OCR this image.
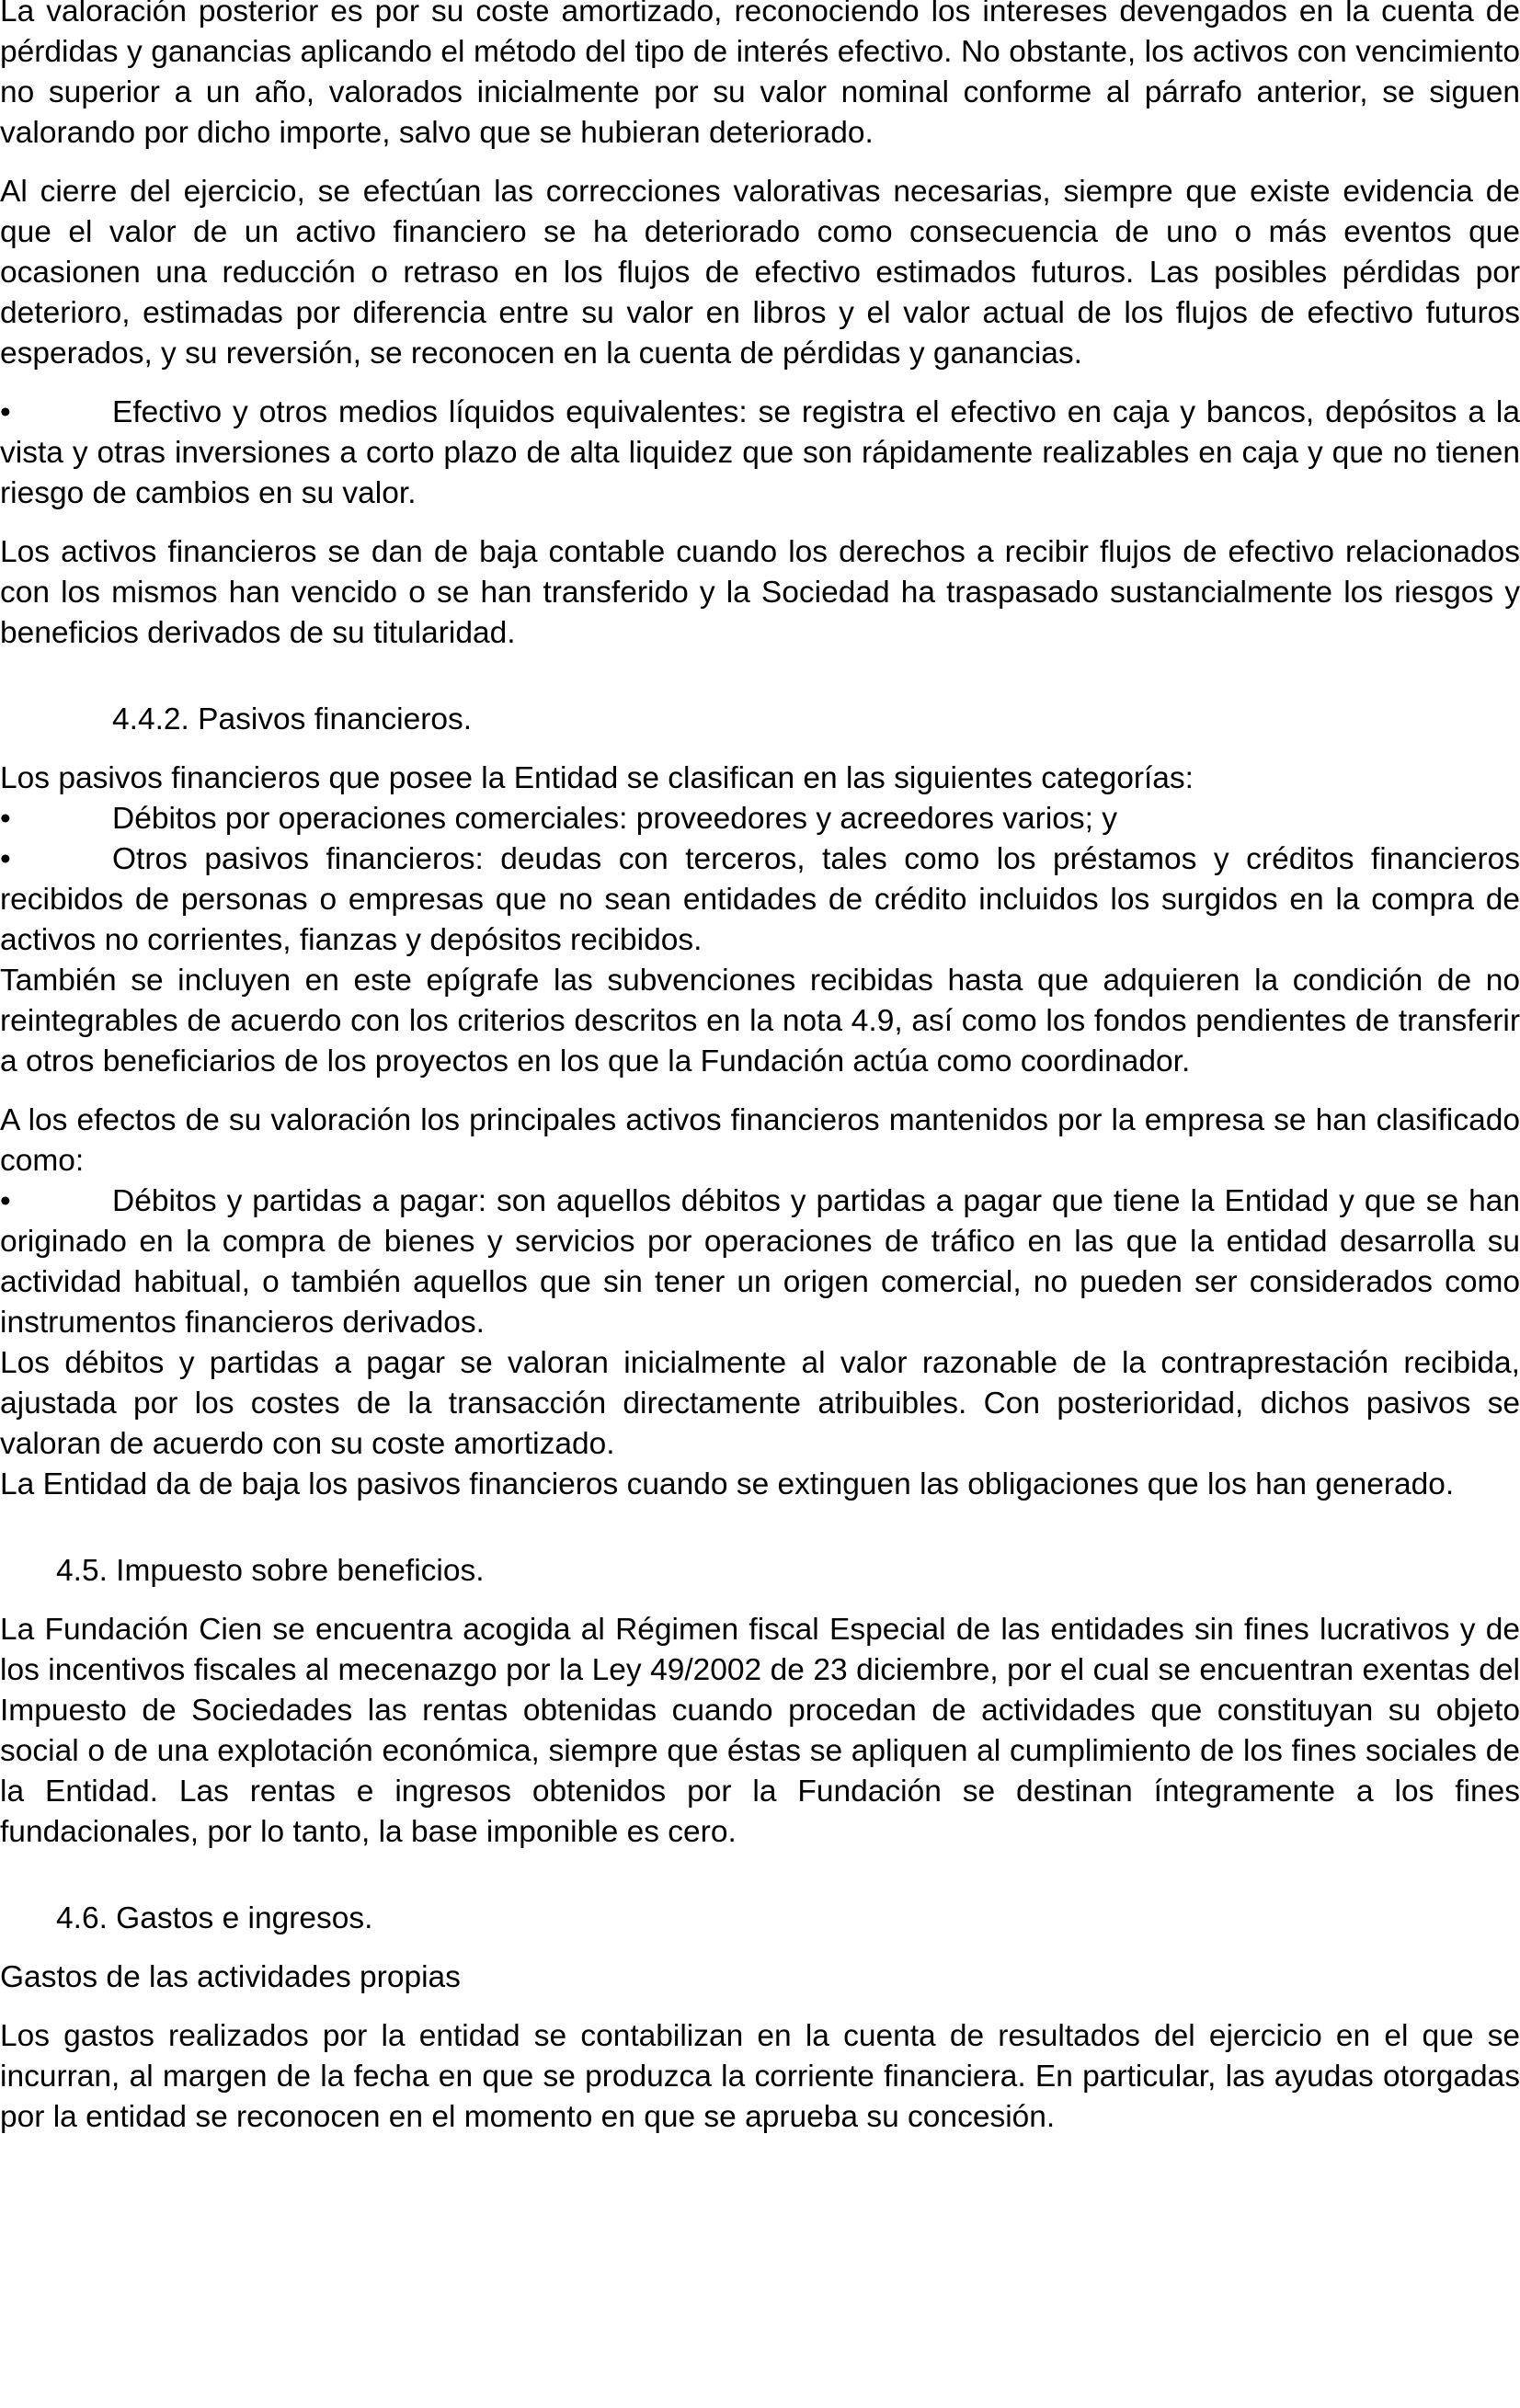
La valoración posterior es por su coste amortizado, reconociendo los intereses devengados en la cuenta de pérdidas y ganancias aplicando el método del tipo de interés efectivo. No obstante, los activos con vencimiento no superior a un año, valorados inicialmente por su valor nominal conforme al párrafo anterior, se siguen valorando por dicho importe, salvo que se hubieran deteriorado.

Al cierre del ejercicio, se efectúan las correcciones valorativas necesarias, siempre que existe evidencia de que el valor de un activo financiero se ha deteriorado como consecuencia de uno o más eventos que ocasionen una reducción o retraso en los flujos de efectivo estimados futuros. Las posibles pérdidas por deterioro, estimadas por diferencia entre su valor en libros y el valor actual de los flujos de efectivo futuros esperados, y su reversión, se reconocen en la cuenta de pérdidas y ganancias.

•	Efectivo y otros medios líquidos equivalentes: se registra el efectivo en caja y bancos, depósitos a la vista y otras inversiones a corto plazo de alta liquidez que son rápidamente realizables en caja y que no tienen riesgo de cambios en su valor.

Los activos financieros se dan de baja contable cuando los derechos a recibir flujos de efectivo relacionados con los mismos han vencido o se han transferido y la Sociedad ha traspasado sustancialmente los riesgos y beneficios derivados de su titularidad.

4.4.2. Pasivos financieros.

Los pasivos financieros que posee la Entidad se clasifican en las siguientes categorías:

•	Débitos por operaciones comerciales: proveedores y acreedores varios; y

•	Otros pasivos financieros: deudas con terceros, tales como los préstamos y créditos financieros recibidos de personas o empresas que no sean entidades de crédito incluidos los surgidos en la compra de activos no corrientes, fianzas y depósitos recibidos.

También se incluyen en este epígrafe las subvenciones recibidas hasta que adquieren la condición de no reintegrables de acuerdo con los criterios descritos en la nota 4.9, así como los fondos pendientes de transferir a otros beneficiarios de los proyectos en los que la Fundación actúa como coordinador.

A los efectos de su valoración los principales activos financieros mantenidos por la empresa se han clasificado como:

•	Débitos y partidas a pagar: son aquellos débitos y partidas a pagar que tiene la Entidad y que se han originado en la compra de bienes y servicios por operaciones de tráfico en las que la entidad desarrolla su actividad habitual, o también aquellos que sin tener un origen comercial, no pueden ser considerados como instrumentos financieros derivados.

Los débitos y partidas a pagar se valoran inicialmente al valor razonable de la contraprestación recibida, ajustada por los costes de la transacción directamente atribuibles. Con posterioridad, dichos pasivos se valoran de acuerdo con su coste amortizado.

La Entidad da de baja los pasivos financieros cuando se extinguen las obligaciones que los han generado.

4.5. Impuesto sobre beneficios.

La Fundación Cien se encuentra acogida al Régimen fiscal Especial de las entidades sin fines lucrativos y de los incentivos fiscales al mecenazgo por la Ley 49/2002 de 23 diciembre, por el cual se encuentran exentas del Impuesto de Sociedades las rentas obtenidas cuando procedan de actividades que constituyan su objeto social o de una explotación económica, siempre que éstas se apliquen al cumplimiento de los fines sociales de la Entidad. Las rentas e ingresos obtenidos por la Fundación se destinan íntegramente a los fines fundacionales, por lo tanto, la base imponible es cero.

4.6. Gastos e ingresos.

Gastos de las actividades propias

Los gastos realizados por la entidad se contabilizan en la cuenta de resultados del ejercicio en el que se incurran, al margen de la fecha en que se produzca la corriente financiera. En particular, las ayudas otorgadas por la entidad se reconocen en el momento en que se aprueba su concesión.
